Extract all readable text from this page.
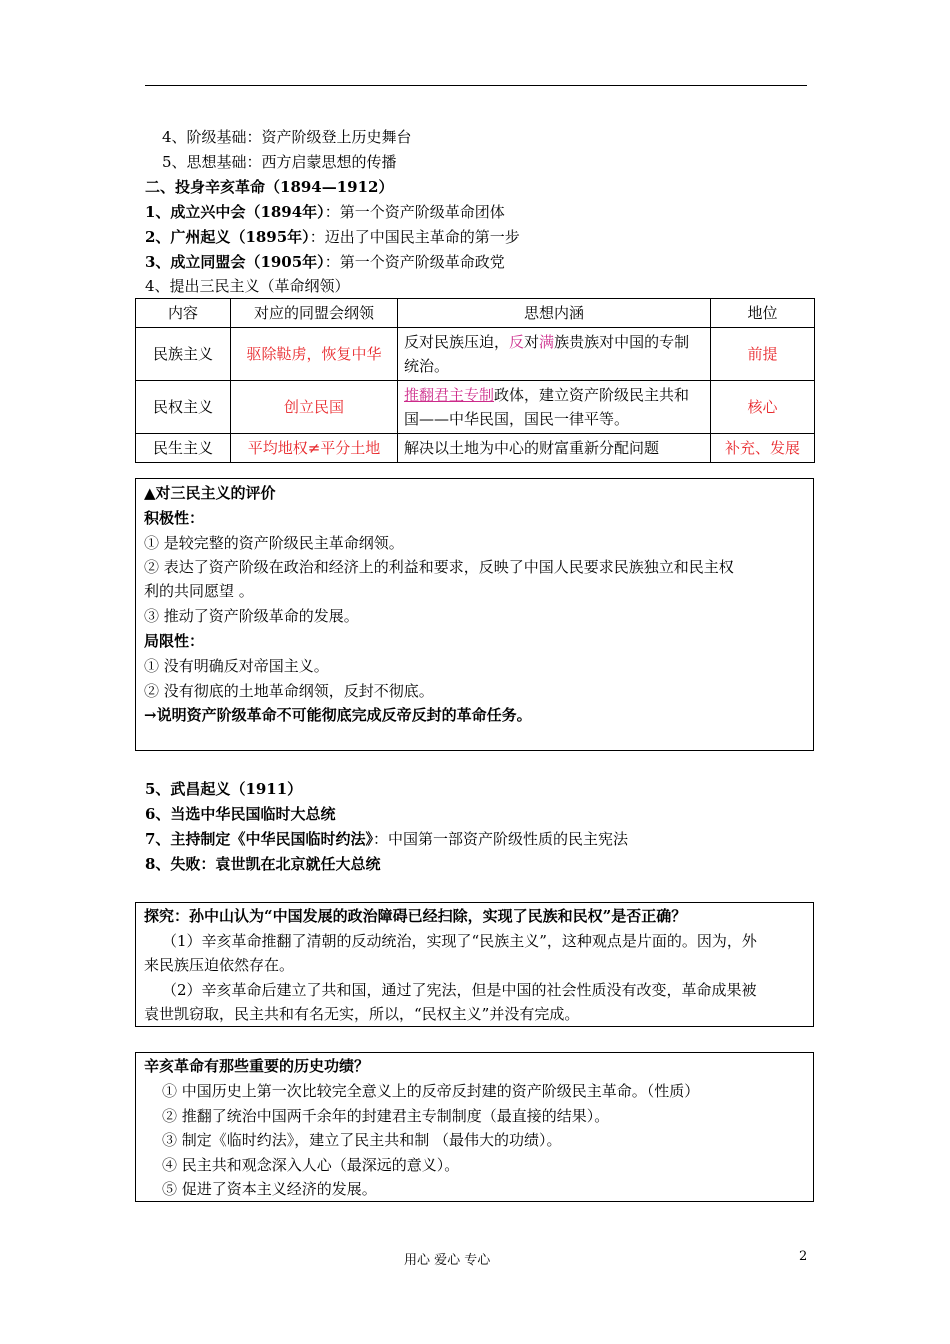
4、阶级基础：资产阶级登上历史舞台
5、思想基础：西方启蒙思想的传播
二、投身辛亥革命（1894—1912）
1、成立兴中会（1894年）：第一个资产阶级革命团体
2、广州起义（1895年）：迈出了中国民主革命的第一步
3、成立同盟会（1905年）：第一个资产阶级革命政党
4、提出三民主义（革命纲领）
内容	对应的同盟会纲领	思想内涵	地位
民族主义	驱除鞑虏，恢复中华	反对民族压迫，反对满族贵族对中国的专制统治。	前提
民权主义	创立民国	推翻君主专制政体，建立资产阶级民主共和国——中华民国，国民一律平等。	核心
民生主义	平均地权≠平分土地	解决以土地为中心的财富重新分配问题	补充、发展
▲对三民主义的评价
积极性：
① 是较完整的资产阶级民主革命纲领。
② 表达了资产阶级在政治和经济上的利益和要求，反映了中国人民要求民族独立和民主权
利的共同愿望 。
③ 推动了资产阶级革命的发展。
局限性：
① 没有明确反对帝国主义。
② 没有彻底的土地革命纲领，反封不彻底。
→说明资产阶级革命不可能彻底完成反帝反封的革命任务。
5、武昌起义（1911）
6、当选中华民国临时大总统
7、主持制定《中华民国临时约法》：中国第一部资产阶级性质的民主宪法
8、失败：袁世凯在北京就任大总统
探究：孙中山认为“中国发展的政治障碍已经扫除，实现了民族和民权”是否正确？
（1）辛亥革命推翻了清朝的反动统治，实现了“民族主义”，这种观点是片面的。因为，外
来民族压迫依然存在。
（2）辛亥革命后建立了共和国，通过了宪法，但是中国的社会性质没有改变，革命成果被
袁世凯窃取，民主共和有名无实，所以，“民权主义”并没有完成。
辛亥革命有那些重要的历史功绩？
① 中国历史上第一次比较完全意义上的反帝反封建的资产阶级民主革命。（性质）
② 推翻了统治中国两千余年的封建君主专制制度（最直接的结果）。
③ 制定《临时约法》，建立了民主共和制 （最伟大的功绩）。
④ 民主共和观念深入人心（最深远的意义）。
⑤ 促进了资本主义经济的发展。
用心 爱心 专心	2
